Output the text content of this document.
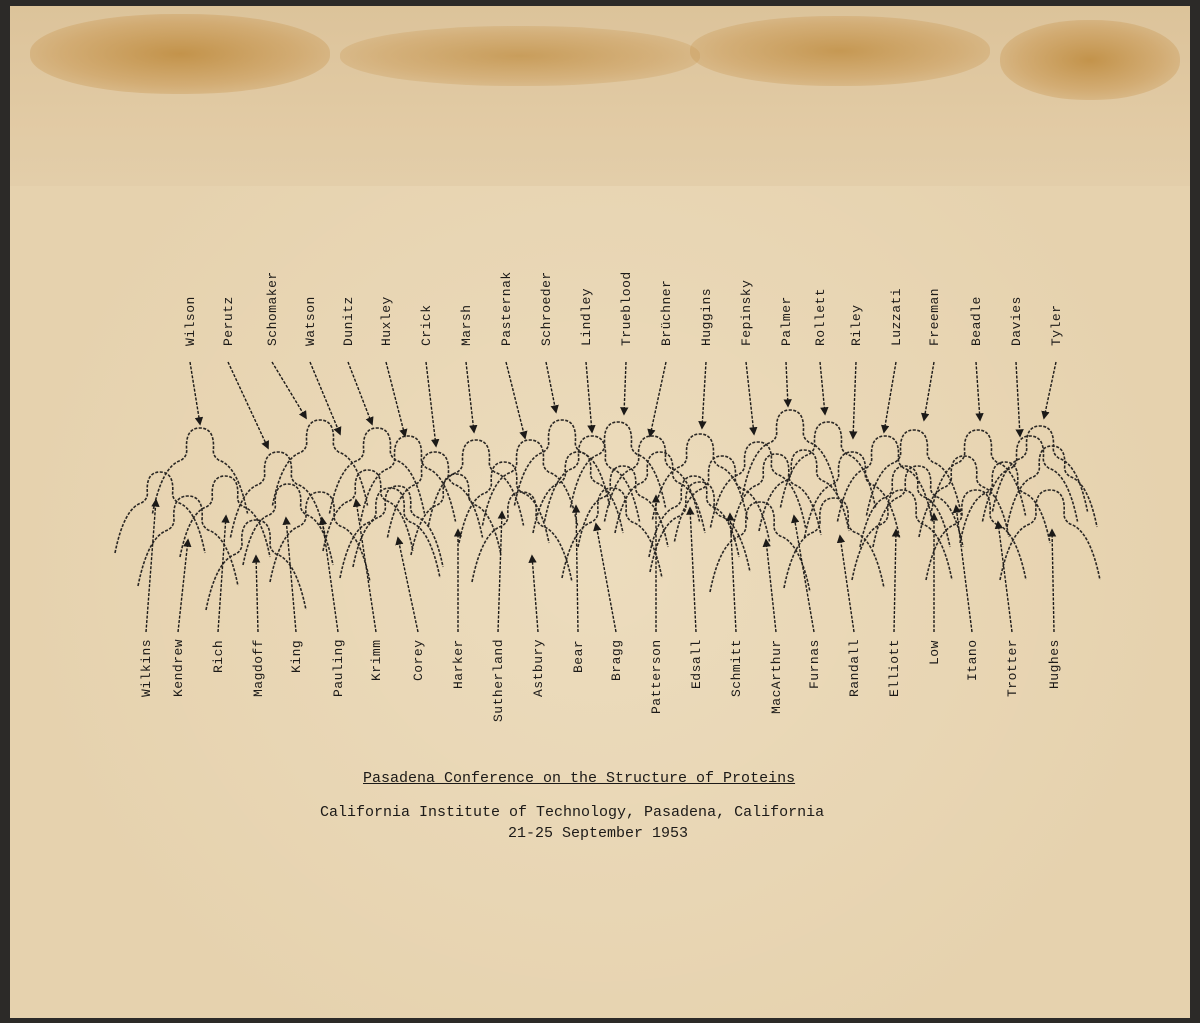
Wilson Perutz Schomaker Watson Dunitz Huxley Crick Marsh Pasternak Schroeder Lindley Trueblood Brüchner Huggins Fepinsky Palmer Rollett Riley Luzzati Freeman Beadle Davies Tyler
Wilkins Kendrew Rich Magdoff King Pauling Krimm Corey Harker Sutherland Astbury Bear Bragg Patterson Edsall Schmitt MacArthur Furnas Randall Elliott Low Itano Trotter Hughes
Pasadena Conference on the Structure of Proteins
California Institute of Technology, Pasadena, California
21-25 September 1953
